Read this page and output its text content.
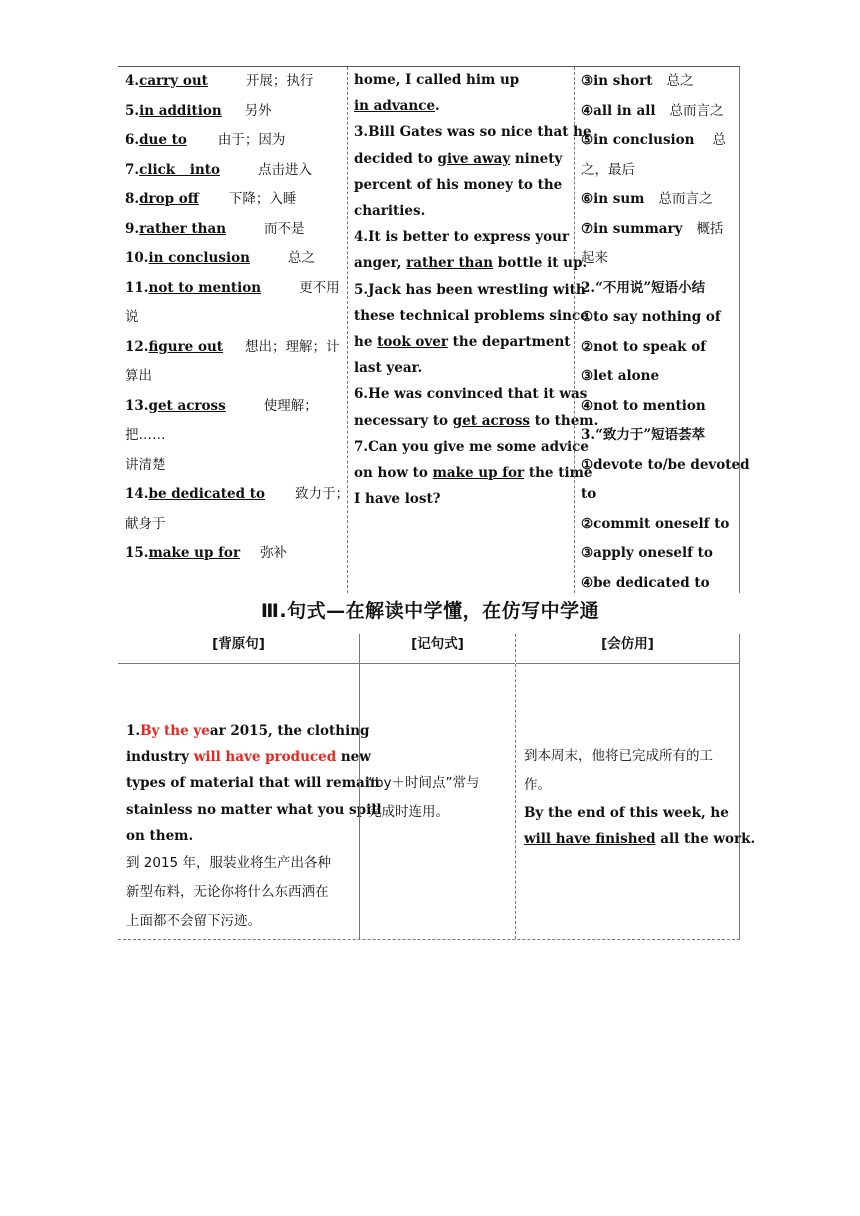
4.carry out	开展；执行
5.in addition 另外
6.due to 由于；因为
7.click into	点击进入
8.drop off 下降；入睡
9.rather than	而不是
10.in conclusion	总之
11.not to mention	更不用
说
12.figure out 想出；理解；计
算出
13.get across	使理解；
把……
讲清楚
14.be dedicated to 致力于；
献身于
15.make up for 弥补
home, I called him up
in advance.
3.Bill Gates was so nice that he
decided to give away ninety
percent of his money to the
charities.
4.It is better to express your
anger, rather than bottle it up.
5.Jack has been wrestling with
these technical problems since
he took over the department
last year.
6.He was convinced that it was
necessary to get across to them.
7.Can you give me some advice
on how to make up for the time
I have lost?
③in short 总之
④all in all 总而言之
⑤in conclusion 总
之，最后
⑥in sum 总而言之
⑦in summary 概括
起来
2.“不用说”短语小结
①to say nothing of
②not to speak of
③let alone
④not to mention
3.“致力于”短语荟萃
①devote to/be devoted
to
②commit oneself to
③apply oneself to
④be dedicated to
Ⅲ.句式—在解读中学懂，在仿写中学通
[背原句]
1.By the year 2015, the clothing
industry will have produced new
types of material that will remain
stainless no matter what you spill
on them.
到 2015 年，服装业将生产出各种
新型布料，无论你将什么东西洒在
上面都不会留下污迹。
[记句式]
“by＋时间点”常与
完成时连用。
[会仿用]
到本周末，他将已完成所有的工
作。
By the end of this week, he
will have finished all the work.
